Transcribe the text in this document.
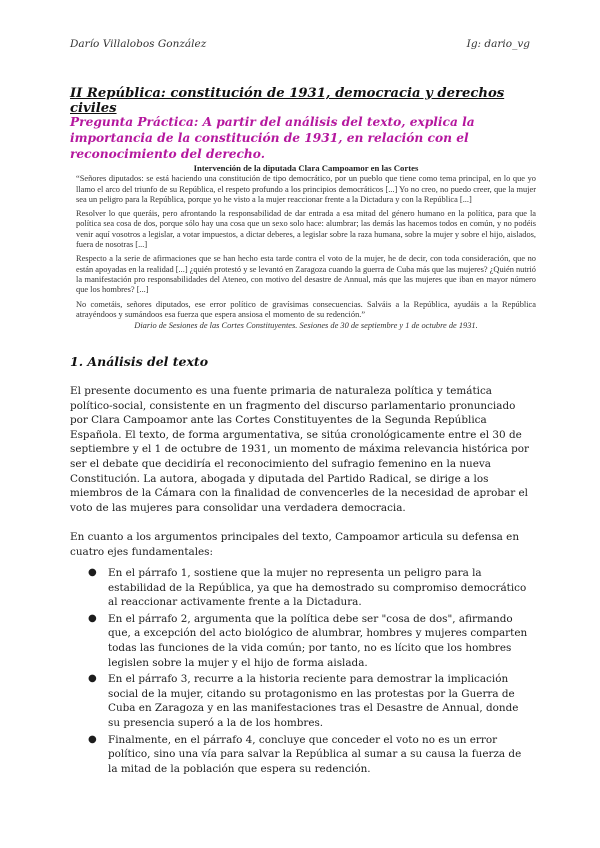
Darío Villalobos González	Ig: dario_vg
II República: constitución de 1931, democracia y derechos civiles
Pregunta Práctica: A partir del análisis del texto, explica la importancia de la constitución de 1931, en relación con el reconocimiento del derecho.
Intervención de la diputada Clara Campoamor en las Cortes

“Señores diputados: se está haciendo una constitución de tipo democrático, por un pueblo que tiene como tema principal, en lo que yo llamo el arco del triunfo de su República, el respeto profundo a los principios democráticos [...] Yo no creo, no puedo creer, que la mujer sea un peligro para la República, porque yo he visto a la mujer reaccionar frente a la Dictadura y con la República [...]

Resolver lo que queráis, pero afrontando la responsabilidad de dar entrada a esa mitad del género humano en la política, para que la política sea cosa de dos, porque sólo hay una cosa que un sexo solo hace: alumbrar; las demás las hacemos todos en común, y no podéis venir aquí vosotros a legislar, a votar impuestos, a dictar deberes, a legislar sobre la raza humana, sobre la mujer y sobre el hijo, aislados, fuera de nosotras [...]

Respecto a la serie de afirmaciones que se han hecho esta tarde contra el voto de la mujer, he de decir, con toda consideración, que no están apoyadas en la realidad [...] ¿quién protestó y se levantó en Zaragoza cuando la guerra de Cuba más que las mujeres? ¿Quién nutrió la manifestación pro responsabilidades del Ateneo, con motivo del desastre de Annual, más que las mujeres que iban en mayor número que los hombres? [...]

No cometáis, señores diputados, ese error político de gravísimas consecuencias. Salváis a la República, ayudáis a la República atrayéndoos y sumándoos esa fuerza que espera ansiosa el momento de su redención.”

Diario de Sesiones de las Cortes Constituyentes. Sesiones de 30 de septiembre y 1 de octubre de 1931.
1. Análisis del texto
El presente documento es una fuente primaria de naturaleza política y temática político-social, consistente en un fragmento del discurso parlamentario pronunciado por Clara Campoamor ante las Cortes Constituyentes de la Segunda República Española. El texto, de forma argumentativa, se sitúa cronológicamente entre el 30 de septiembre y el 1 de octubre de 1931, un momento de máxima relevancia histórica por ser el debate que decidiría el reconocimiento del sufragio femenino en la nueva Constitución. La autora, abogada y diputada del Partido Radical, se dirige a los miembros de la Cámara con la finalidad de convencerles de la necesidad de aprobar el voto de las mujeres para consolidar una verdadera democracia.
En cuanto a los argumentos principales del texto, Campoamor articula su defensa en cuatro ejes fundamentales:
● En el párrafo 1, sostiene que la mujer no representa un peligro para la estabilidad de la República, ya que ha demostrado su compromiso democrático al reaccionar activamente frente a la Dictadura.
● En el párrafo 2, argumenta que la política debe ser "cosa de dos", afirmando que, a excepción del acto biológico de alumbrar, hombres y mujeres comparten todas las funciones de la vida común; por tanto, no es lícito que los hombres legislen sobre la mujer y el hijo de forma aislada.
● En el párrafo 3, recurre a la historia reciente para demostrar la implicación social de la mujer, citando su protagonismo en las protestas por la Guerra de Cuba en Zaragoza y en las manifestaciones tras el Desastre de Annual, donde su presencia superó a la de los hombres.
● Finalmente, en el párrafo 4, concluye que conceder el voto no es un error político, sino una vía para salvar la República al sumar a su causa la fuerza de la mitad de la población que espera su redención.
